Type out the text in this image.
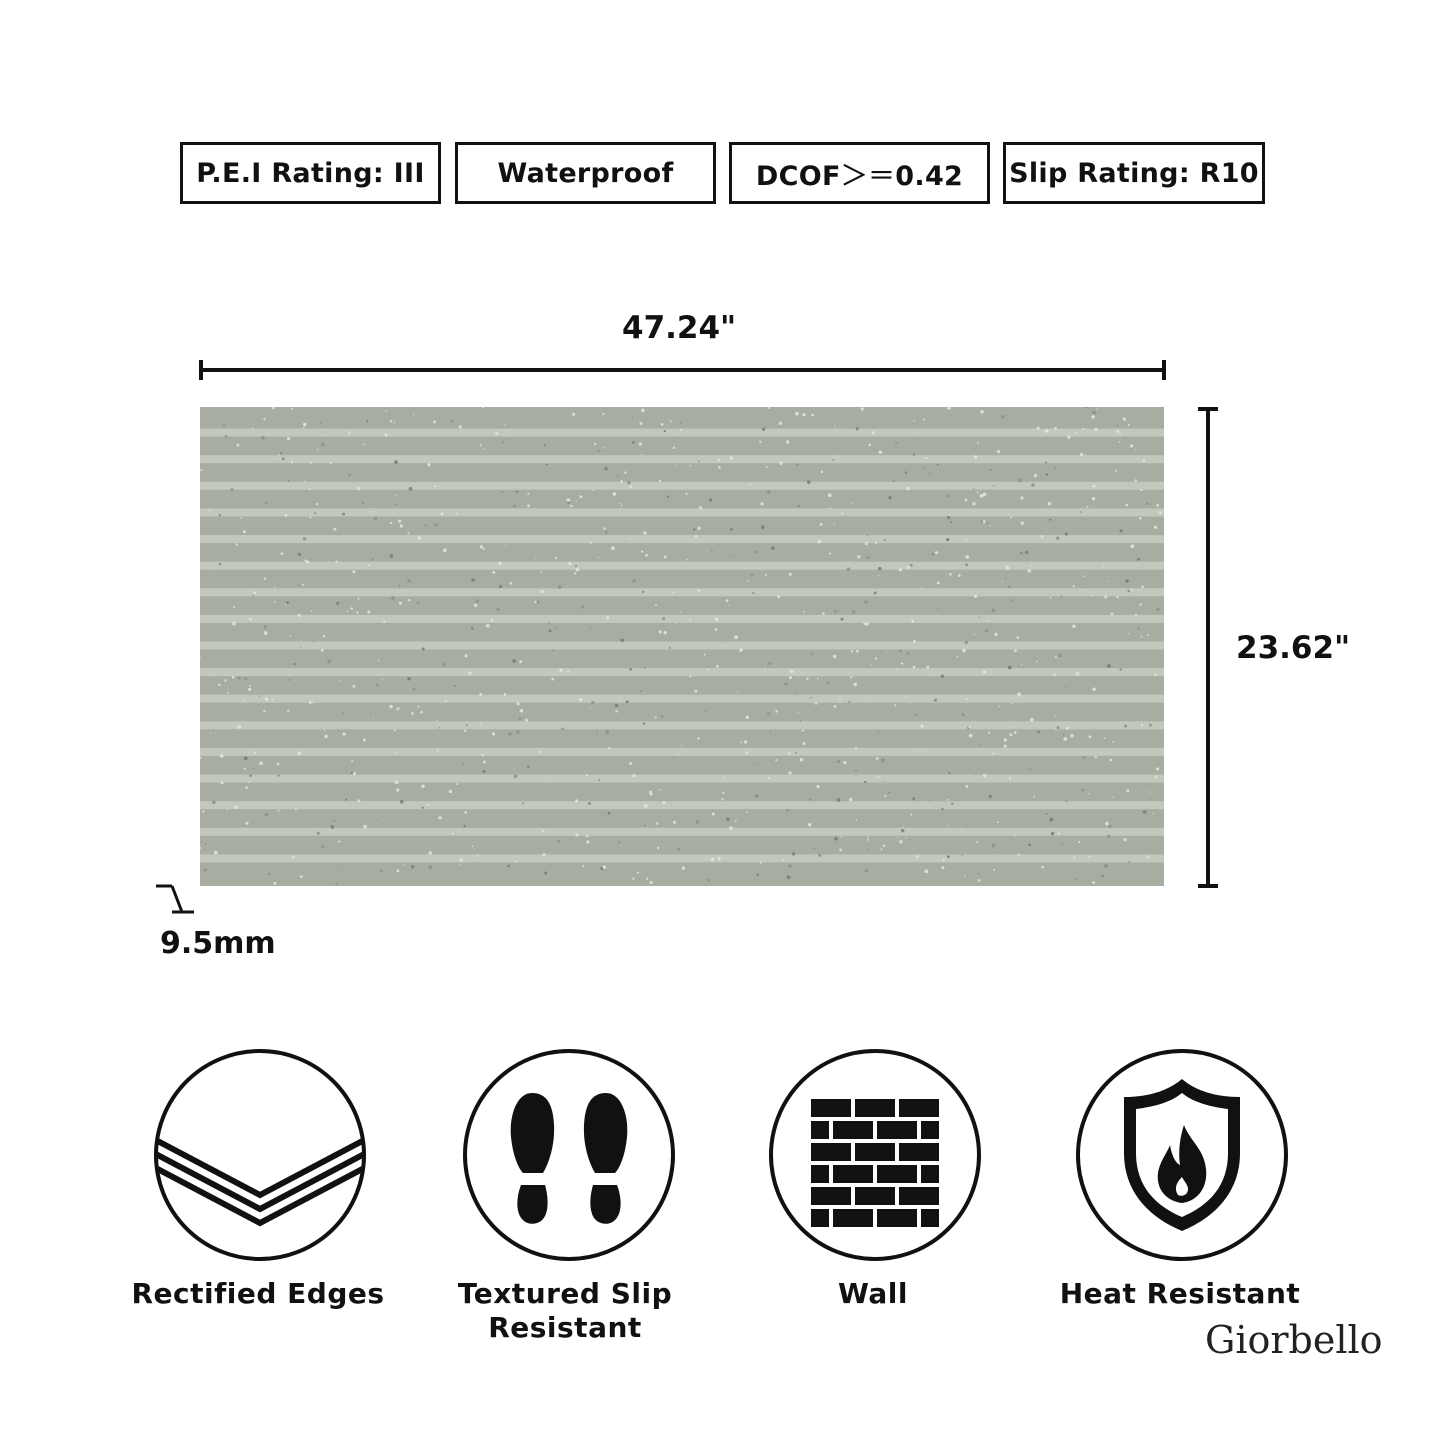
P.E.I Rating: III	Waterproof	DCOF＞＝0.42 Slip Rating: R10
47.24"
23.62"
9.5mm
Rectified Edges	Textured Slip Resistant
Wall	Heat Resistant
Giorbello
